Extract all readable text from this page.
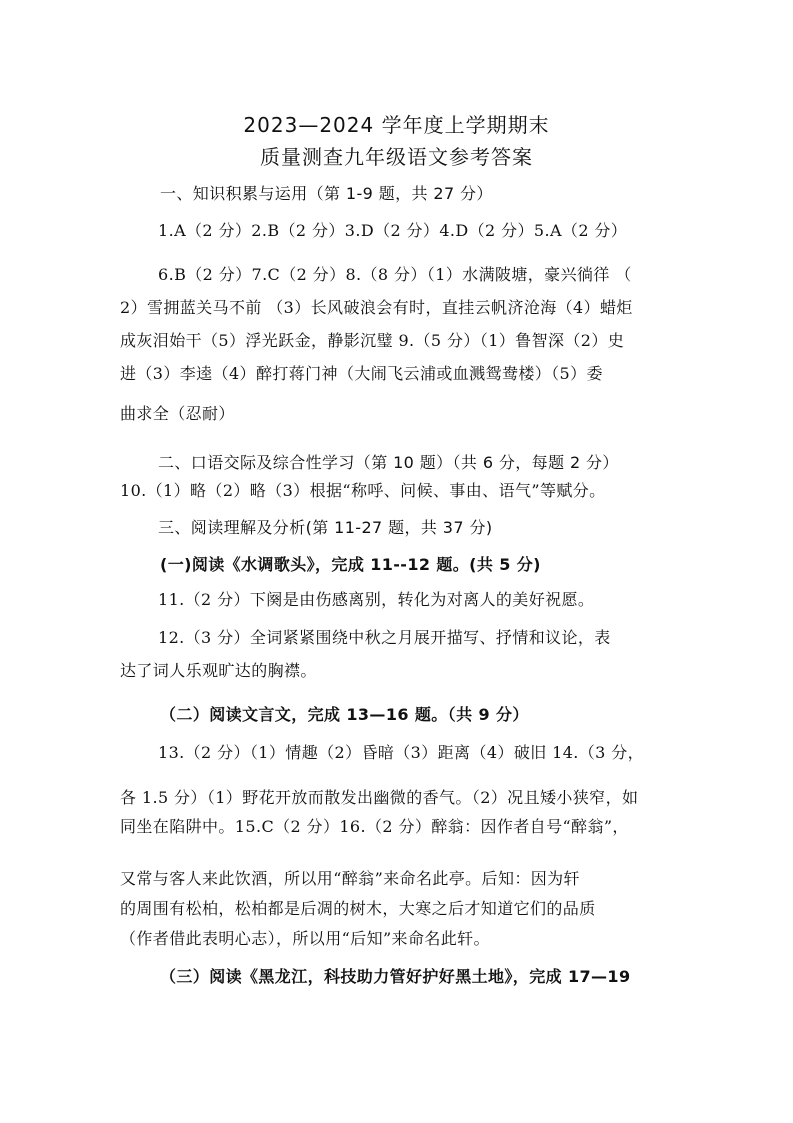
2023—2024 学年度上学期期末
质量测查九年级语文参考答案
一、知识积累与运用（第 1-9 题，共 27 分）
1.A（2 分）2.B（2 分）3.D（2 分）4.D（2 分）5.A（2 分）
6.B（2 分）7.C（2 分）8.（8 分）（1）水满陂塘，豪兴徜徉 （
2）雪拥蓝关马不前 （3）长风破浪会有时，直挂云帆济沧海（4）蜡炬
成灰泪始干（5）浮光跃金，静影沉璧 9.（5 分）（1）鲁智深（2）史
进（3）李逵（4）醉打蒋门神（大闹飞云浦或血溅鸳鸯楼）（5）委
曲求全（忍耐）
二、口语交际及综合性学习（第 10 题）（共 6 分，每题 2 分）
10.（1）略（2）略（3）根据“称呼、问候、事由、语气”等赋分。
三、阅读理解及分析(第 11-27 题，共 37 分)
(一)阅读《水调歌头》，完成 11--12 题。(共 5 分)
11.（2 分）下阕是由伤感离别，转化为对离人的美好祝愿。
12.（3 分）全词紧紧围绕中秋之月展开描写、抒情和议论，表
达了词人乐观旷达的胸襟。
（二）阅读文言文，完成 13—16 题。（共 9 分）
13.（2 分）（1）情趣（2）昏暗（3）距离（4）破旧 14.（3 分，
各 1.5 分）（1）野花开放而散发出幽微的香气。（2）况且矮小狭窄，如
同坐在陷阱中。15.C（2 分）16.（2 分）醉翁：因作者自号“醉翁”，
又常与客人来此饮酒，所以用“醉翁”来命名此亭。后知：因为轩
的周围有松柏，松柏都是后凋的树木，大寒之后才知道它们的品质
（作者借此表明心志），所以用“后知”来命名此轩。
（三）阅读《黑龙江，科技助力管好护好黑土地》，完成 17—19
